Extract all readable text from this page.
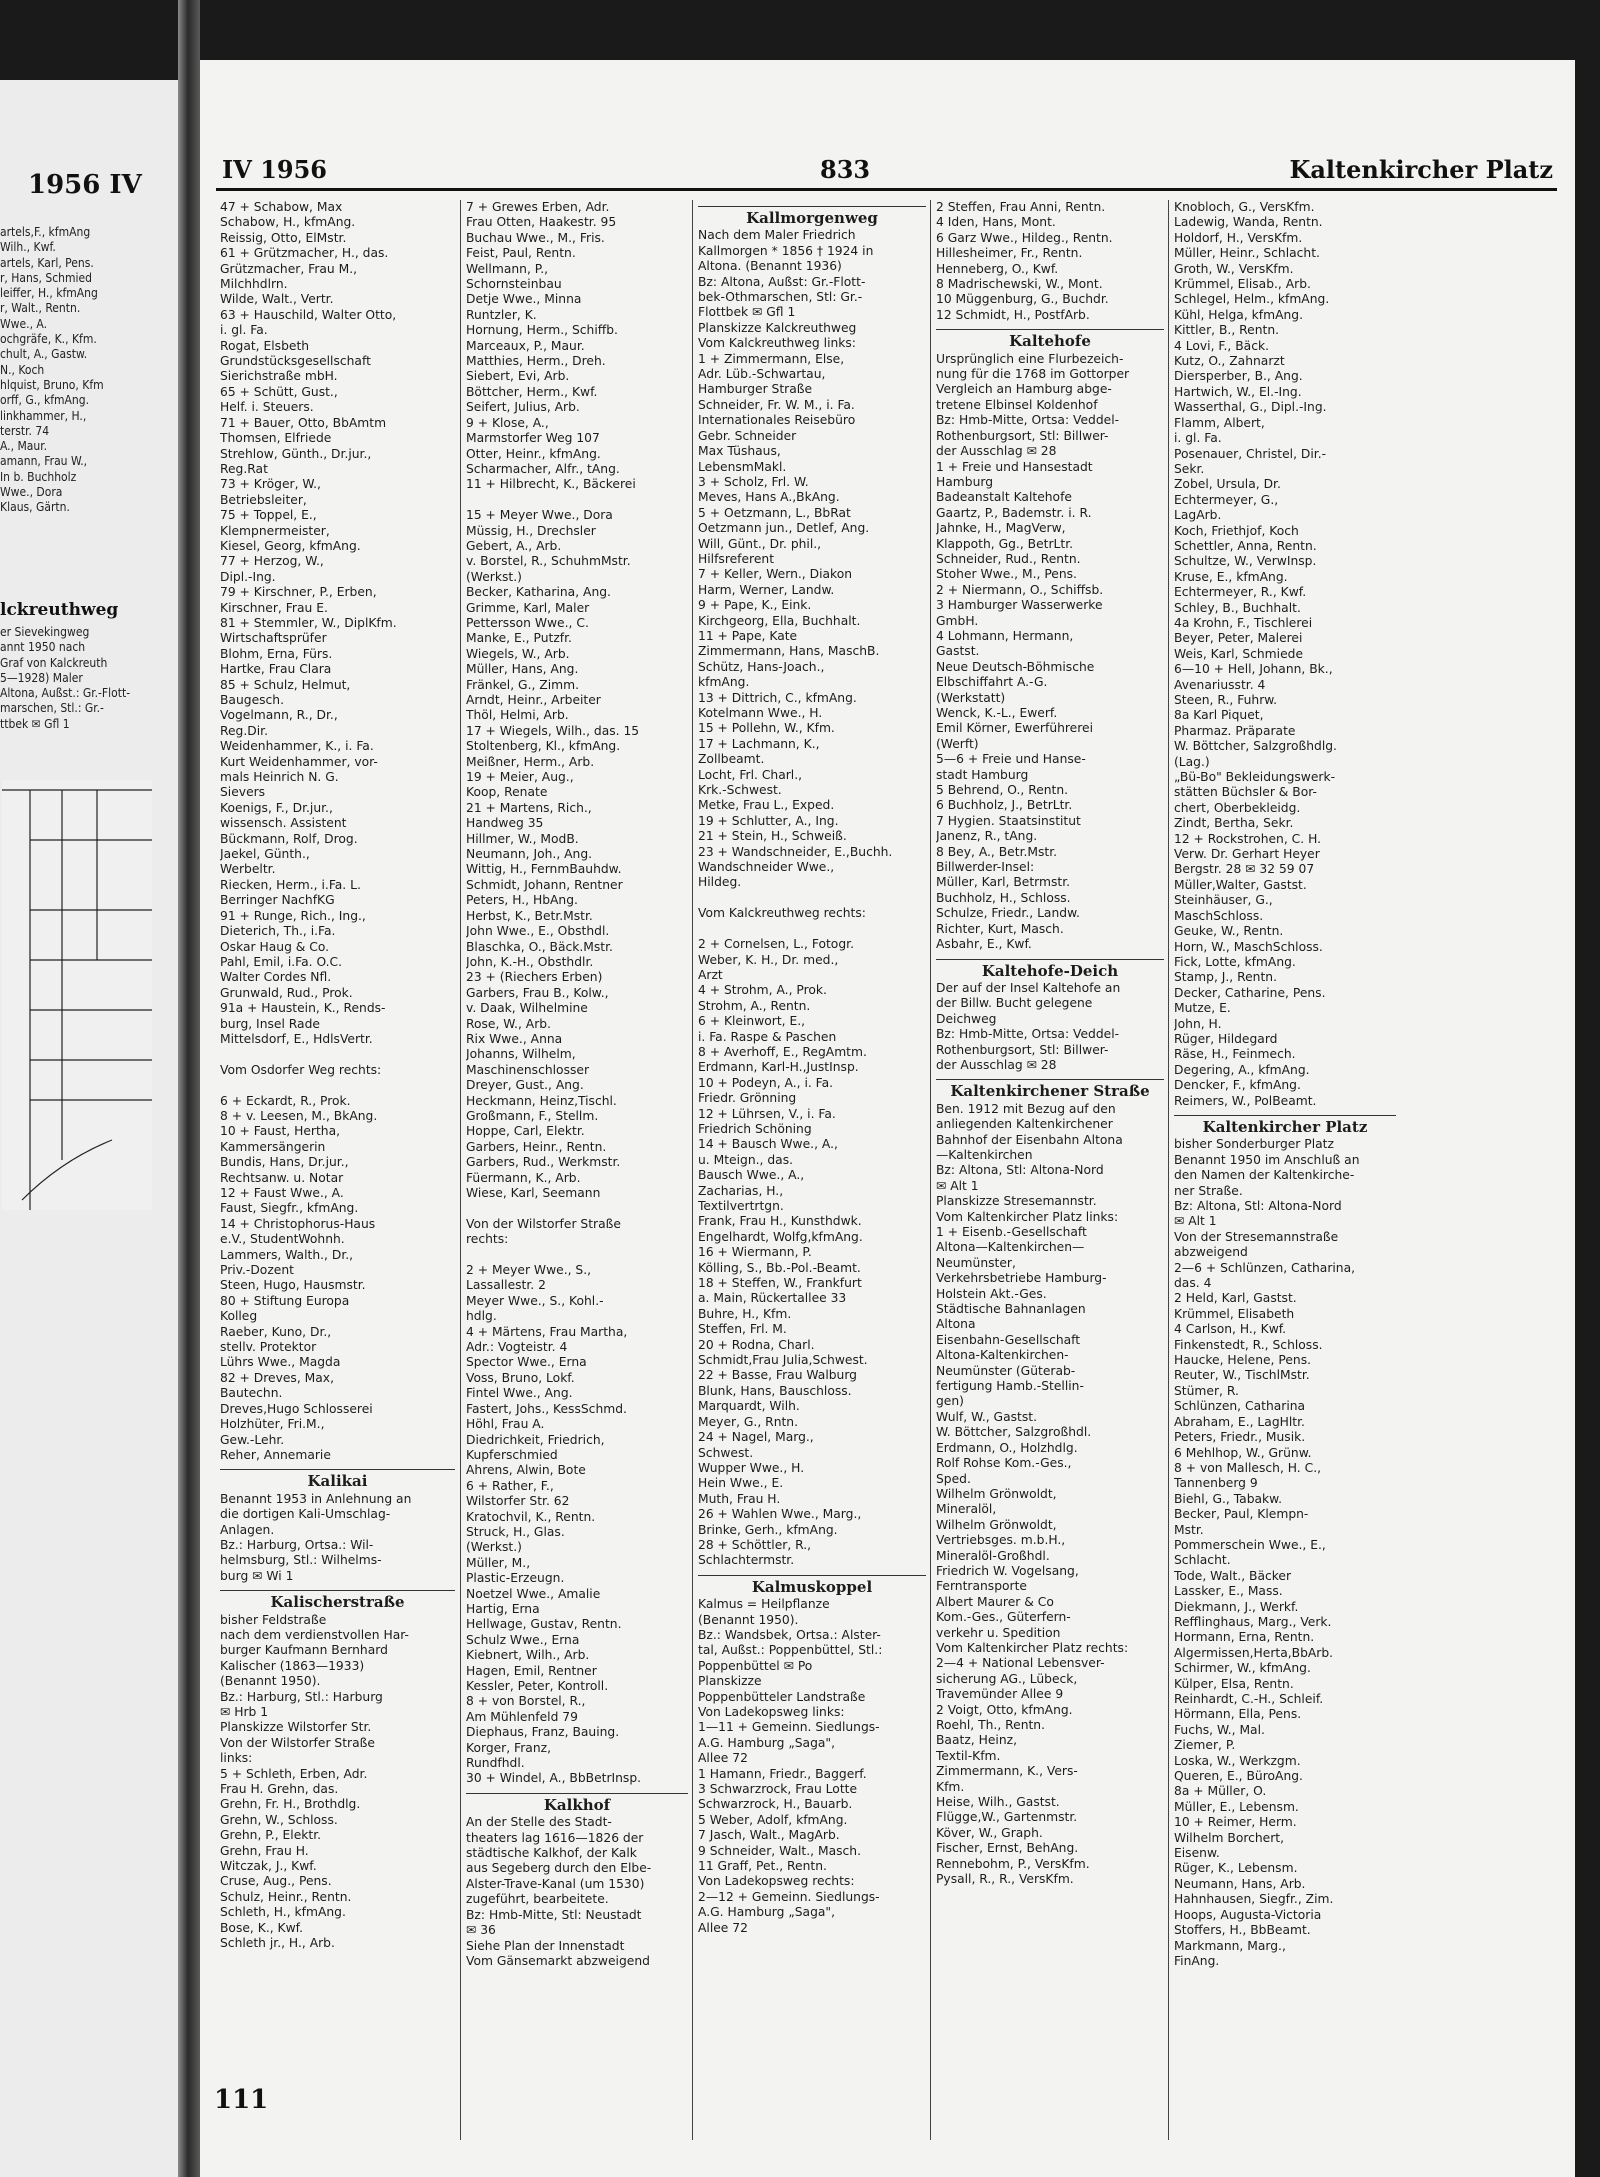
1956 IV
artels,F., kfmAng
Wilh., Kwf.
artels, Karl, Pens.
r, Hans, Schmied
leiffer, H., kfmAng
r, Walt., Rentn.
Wwe., A.
ochgräfe, K., Kfm.
chult, A., Gastw.
N., Koch
hlquist, Bruno, Kfm
orff, G., kfmAng.
linkhammer, H.,
terstr. 74
A., Maur.
amann, Frau W.,
In b. Buchholz
Wwe., Dora
Klaus, Gärtn.
lckreuthweg
er Sievekingweg
annt 1950 nach
Graf von Kalckreuth
5—1928) Maler
Altona, Außst.: Gr.-Flott-
marschen, Stl.: Gr.-
ttbek ✉ Gfl 1
IV 1956	833	Kaltenkircher Platz

47 + Schabow, Max

Schabow, H., kfmAng.

Reissig, Otto, ElMstr.

61 + Grützmacher, H., das.

Grützmacher, Frau M.,

Milchhdlrn.

Wilde, Walt., Vertr.

63 + Hauschild, Walter Otto,

i. gl. Fa.

Rogat, Elsbeth

Grundstücksgesellschaft

Sierichstraße mbH.

65 + Schütt, Gust.,

Helf. i. Steuers.

71 + Bauer, Otto, BbAmtm

Thomsen, Elfriede

Strehlow, Günth., Dr.jur.,

Reg.Rat

73 + Kröger, W.,

Betriebsleiter,

75 + Toppel, E.,

Klempnermeister,

Kiesel, Georg, kfmAng.

77 + Herzog, W.,

Dipl.-Ing.

79 + Kirschner, P., Erben,

Kirschner, Frau E.

81 + Stemmler, W., DiplKfm.

Wirtschaftsprüfer

Blohm, Erna, Fürs.

Hartke, Frau Clara

85 + Schulz, Helmut,

Baugesch.

Vogelmann, R., Dr.,

Reg.Dir.

Weidenhammer, K., i. Fa.

Kurt Weidenhammer, vor-

mals Heinrich N. G.

Sievers

Koenigs, F., Dr.jur.,

wissensch. Assistent

Bückmann, Rolf, Drog.

Jaekel, Günth.,

Werbeltr.

Riecken, Herm., i.Fa. L.

Berringer NachfKG

91 + Runge, Rich., Ing.,

Dieterich, Th., i.Fa.

Oskar Haug & Co.

Pahl, Emil, i.Fa. O.C.

Walter Cordes Nfl.

Grunwald, Rud., Prok.

91a + Haustein, K., Rends-

burg, Insel Rade

Mittelsdorf, E., HdlsVertr.

Vom Osdorfer Weg rechts:

6 + Eckardt, R., Prok.

8 + v. Leesen, M., BkAng.

10 + Faust, Hertha,

Kammersängerin

Bundis, Hans, Dr.jur.,

Rechtsanw. u. Notar

12 + Faust Wwe., A.

Faust, Siegfr., kfmAng.

14 + Christophorus-Haus

e.V., StudentWohnh.

Lammers, Walth., Dr.,

Priv.-Dozent

Steen, Hugo, Hausmstr.

80 + Stiftung Europa

Kolleg

Raeber, Kuno, Dr.,

stellv. Protektor

Lührs Wwe., Magda

82 + Dreves, Max,

Bautechn.

Dreves,Hugo Schlosserei

Holzhüter, Fri.M.,

Gew.-Lehr.

Reher, Annemarie

Kalikai

Benannt 1953 in Anlehnung an

die dortigen Kali-Umschlag-

Anlagen.

Bz.: Harburg, Ortsa.: Wil-

helmsburg, Stl.: Wilhelms-

burg ✉ Wi 1

Kalischerstraße

bisher Feldstraße

nach dem verdienstvollen Har-

burger Kaufmann Bernhard

Kalischer (1863—1933)

(Benannt 1950).

Bz.: Harburg, Stl.: Harburg

✉ Hrb 1

Planskizze Wilstorfer Str.

Von der Wilstorfer Straße

links:

5 + Schleth, Erben, Adr.

Frau H. Grehn, das.

Grehn, Fr. H., Brothdlg.

Grehn, W., Schloss.

Grehn, P., Elektr.

Grehn, Frau H.

Witczak, J., Kwf.

Cruse, Aug., Pens.

Schulz, Heinr., Rentn.

Schleth, H., kfmAng.

Bose, K., Kwf.

Schleth jr., H., Arb.

7 + Grewes Erben, Adr.

Frau Otten, Haakestr. 95

Buchau Wwe., M., Fris.

Feist, Paul, Rentn.

Wellmann, P.,

Schornsteinbau

Detje Wwe., Minna

Runtzler, K.

Hornung, Herm., Schiffb.

Marceaux, P., Maur.

Matthies, Herm., Dreh.

Siebert, Evi, Arb.

Böttcher, Herm., Kwf.

Seifert, Julius, Arb.

9 + Klose, A.,

Marmstorfer Weg 107

Otter, Heinr., kfmAng.

Scharmacher, Alfr., tAng.

11 + Hilbrecht, K., Bäckerei

15 + Meyer Wwe., Dora

Müssig, H., Drechsler

Gebert, A., Arb.

v. Borstel, R., SchuhmMstr.

(Werkst.)

Becker, Katharina, Ang.

Grimme, Karl, Maler

Pettersson Wwe., C.

Manke, E., Putzfr.

Wiegels, W., Arb.

Müller, Hans, Ang.

Fränkel, G., Zimm.

Arndt, Heinr., Arbeiter

Thöl, Helmi, Arb.

17 + Wiegels, Wilh., das. 15

Stoltenberg, Kl., kfmAng.

Meißner, Herm., Arb.

19 + Meier, Aug.,

Koop, Renate

21 + Martens, Rich.,

Handweg 35

Hillmer, W., ModB.

Neumann, Joh., Ang.

Wittig, H., FernmBauhdw.

Schmidt, Johann, Rentner

Peters, H., HbAng.

Herbst, K., Betr.Mstr.

John Wwe., E., Obsthdl.

Blaschka, O., Bäck.Mstr.

John, K.-H., Obsthdlr.

23 + (Riechers Erben)

Garbers, Frau B., Kolw.,

v. Daak, Wilhelmine

Rose, W., Arb.

Rix Wwe., Anna

Johanns, Wilhelm,

Maschinenschlosser

Dreyer, Gust., Ang.

Heckmann, Heinz,Tischl.

Großmann, F., Stellm.

Hoppe, Carl, Elektr.

Garbers, Heinr., Rentn.

Garbers, Rud., Werkmstr.

Füermann, K., Arb.

Wiese, Karl, Seemann

Von der Wilstorfer Straße

rechts:

2 + Meyer Wwe., S.,

Lassallestr. 2

Meyer Wwe., S., Kohl.-

hdlg.

4 + Märtens, Frau Martha,

Adr.: Vogteistr. 4

Spector Wwe., Erna

Voss, Bruno, Lokf.

Fintel Wwe., Ang.

Fastert, Johs., KessSchmd.

Höhl, Frau A.

Diedrichkeit, Friedrich,

Kupferschmied

Ahrens, Alwin, Bote

6 + Rather, F.,

Wilstorfer Str. 62

Kratochvil, K., Rentn.

Struck, H., Glas.

(Werkst.)

Müller, M.,

Plastic-Erzeugn.

Noetzel Wwe., Amalie

Hartig, Erna

Hellwage, Gustav, Rentn.

Schulz Wwe., Erna

Kiebnert, Wilh., Arb.

Hagen, Emil, Rentner

Kessler, Peter, Kontroll.

8 + von Borstel, R.,

Am Mühlenfeld 79

Diephaus, Franz, Bauing.

Korger, Franz,

Rundfhdl.

30 + Windel, A., BbBetrInsp.

Kalkhof

An der Stelle des Stadt-

theaters lag 1616—1826 der

städtische Kalkhof, der Kalk

aus Segeberg durch den Elbe-

Alster-Trave-Kanal (um 1530)

zugeführt, bearbeitete.

Bz: Hmb-Mitte, Stl: Neustadt

✉ 36

Siehe Plan der Innenstadt

Vom Gänsemarkt abzweigend

Kallmorgenweg

Nach dem Maler Friedrich

Kallmorgen * 1856 † 1924 in

Altona. (Benannt 1936)

Bz: Altona, Außst: Gr.-Flott-

bek-Othmarschen, Stl: Gr.-

Flottbek ✉ Gfl 1

Planskizze Kalckreuthweg

Vom Kalckreuthweg links:

1 + Zimmermann, Else,

Adr. Lüb.-Schwartau,

Hamburger Straße

Schneider, Fr. W. M., i. Fa.

Internationales Reisebüro

Gebr. Schneider

Max Tüshaus,

LebensmMakl.

3 + Scholz, Frl. W.

Meves, Hans A.,BkAng.

5 + Oetzmann, L., BbRat

Oetzmann jun., Detlef, Ang.

Will, Günt., Dr. phil.,

Hilfsreferent

7 + Keller, Wern., Diakon

Harm, Werner, Landw.

9 + Pape, K., Eink.

Kirchgeorg, Ella, Buchhalt.

11 + Pape, Kate

Zimmermann, Hans, MaschB.

Schütz, Hans-Joach.,

kfmAng.

13 + Dittrich, C., kfmAng.

Kotelmann Wwe., H.

15 + Pollehn, W., Kfm.

17 + Lachmann, K.,

Zollbeamt.

Locht, Frl. Charl.,

Krk.-Schwest.

Metke, Frau L., Exped.

19 + Schlutter, A., Ing.

21 + Stein, H., Schweiß.

23 + Wandschneider, E.,Buchh.

Wandschneider Wwe.,

Hildeg.

Vom Kalckreuthweg rechts:

2 + Cornelsen, L., Fotogr.

Weber, K. H., Dr. med.,

Arzt

4 + Strohm, A., Prok.

Strohm, A., Rentn.

6 + Kleinwort, E.,

i. Fa. Raspe & Paschen

8 + Averhoff, E., RegAmtm.

Erdmann, Karl-H.,JustInsp.

10 + Podeyn, A., i. Fa.

Friedr. Grönning

12 + Lührsen, V., i. Fa.

Friedrich Schöning

14 + Bausch Wwe., A.,

u. Mteign., das.

Bausch Wwe., A.,

Zacharias, H.,

Textilvertrtgn.

Frank, Frau H., Kunsthdwk.

Engelhardt, Wolfg,kfmAng.

16 + Wiermann, P.

Kölling, S., Bb.-Pol.-Beamt.

18 + Steffen, W., Frankfurt

a. Main, Rückertallee 33

Buhre, H., Kfm.

Steffen, Frl. M.

20 + Rodna, Charl.

Schmidt,Frau Julia,Schwest.

22 + Basse, Frau Walburg

Blunk, Hans, Bauschloss.

Marquardt, Wilh.

Meyer, G., Rntn.

24 + Nagel, Marg.,

Schwest.

Wupper Wwe., H.

Hein Wwe., E.

Muth, Frau H.

26 + Wahlen Wwe., Marg.,

Brinke, Gerh., kfmAng.

28 + Schöttler, R.,

Schlachtermstr.

Kalmuskoppel

Kalmus = Heilpflanze

(Benannt 1950).

Bz.: Wandsbek, Ortsa.: Alster-

tal, Außst.: Poppenbüttel, Stl.:

Poppenbüttel ✉ Po

Planskizze

Poppenbütteler Landstraße

Von Ladekopsweg links:

1—11 + Gemeinn. Siedlungs-

A.G. Hamburg „Saga",

Allee 72

1 Hamann, Friedr., Baggerf.

3 Schwarzrock, Frau Lotte

Schwarzrock, H., Bauarb.

5 Weber, Adolf, kfmAng.

7 Jasch, Walt., MagArb.

9 Schneider, Walt., Masch.

11 Graff, Pet., Rentn.

Von Ladekopsweg rechts:

2—12 + Gemeinn. Siedlungs-

A.G. Hamburg „Saga",

Allee 72

2 Steffen, Frau Anni, Rentn.

4 Iden, Hans, Mont.

6 Garz Wwe., Hildeg., Rentn.

Hillesheimer, Fr., Rentn.

Henneberg, O., Kwf.

8 Madrischewski, W., Mont.

10 Müggenburg, G., Buchdr.

12 Schmidt, H., PostfArb.

Kaltehofe

Ursprünglich eine Flurbezeich-

nung für die 1768 im Gottorper

Vergleich an Hamburg abge-

tretene Elbinsel Koldenhof

Bz: Hmb-Mitte, Ortsa: Veddel-

Rothenburgsort, Stl: Billwer-

der Ausschlag ✉ 28

1 + Freie und Hansestadt

Hamburg

Badeanstalt Kaltehofe

Gaartz, P., Bademstr. i. R.

Jahnke, H., MagVerw,

Klappoth, Gg., BetrLtr.

Schneider, Rud., Rentn.

Stoher Wwe., M., Pens.

2 + Niermann, O., Schiffsb.

3 Hamburger Wasserwerke

GmbH.

4 Lohmann, Hermann,

Gastst.

Neue Deutsch-Böhmische

Elbschiffahrt A.-G.

(Werkstatt)

Wenck, K.-L., Ewerf.

Emil Körner, Ewerführerei

(Werft)

5—6 + Freie und Hanse-

stadt Hamburg

5 Behrend, O., Rentn.

6 Buchholz, J., BetrLtr.

7 Hygien. Staatsinstitut

Janenz, R., tAng.

8 Bey, A., Betr.Mstr.

Billwerder-Insel:

Müller, Karl, Betrmstr.

Buchholz, H., Schloss.

Schulze, Friedr., Landw.

Richter, Kurt, Masch.

Asbahr, E., Kwf.

Kaltehofe-Deich

Der auf der Insel Kaltehofe an

der Billw. Bucht gelegene

Deichweg

Bz: Hmb-Mitte, Ortsa: Veddel-

Rothenburgsort, Stl: Billwer-

der Ausschlag ✉ 28

Kaltenkirchener Straße

Ben. 1912 mit Bezug auf den

anliegenden Kaltenkirchener

Bahnhof der Eisenbahn Altona

—Kaltenkirchen

Bz: Altona, Stl: Altona-Nord

✉ Alt 1

Planskizze Stresemannstr.

Vom Kaltenkircher Platz links:

1 + Eisenb.-Gesellschaft

Altona—Kaltenkirchen—

Neumünster,

Verkehrsbetriebe Hamburg-

Holstein Akt.-Ges.

Städtische Bahnanlagen

Altona

Eisenbahn-Gesellschaft

Altona-Kaltenkirchen-

Neumünster (Güterab-

fertigung Hamb.-Stellin-

gen)

Wulf, W., Gastst.

W. Böttcher, Salzgroßhdl.

Erdmann, O., Holzhdlg.

Rolf Rohse Kom.-Ges.,

Sped.

Wilhelm Grönwoldt,

Mineralöl,

Wilhelm Grönwoldt,

Vertriebsges. m.b.H.,

Mineralöl-Großhdl.

Friedrich W. Vogelsang,

Ferntransporte

Albert Maurer & Co

Kom.-Ges., Güterfern-

verkehr u. Spedition

Vom Kaltenkircher Platz rechts:

2—4 + National Lebensver-

sicherung AG., Lübeck,

Travemünder Allee 9

2 Voigt, Otto, kfmAng.

Roehl, Th., Rentn.

Baatz, Heinz,

Textil-Kfm.

Zimmermann, K., Vers-

Kfm.

Heise, Wilh., Gastst.

Flügge,W., Gartenmstr.

Köver, W., Graph.

Fischer, Ernst, BehAng.

Rennebohm, P., VersKfm.

Pysall, R., R., VersKfm.

Knobloch, G., VersKfm.

Ladewig, Wanda, Rentn.

Holdorf, H., VersKfm.

Müller, Heinr., Schlacht.

Groth, W., VersKfm.

Krümmel, Elisab., Arb.

Schlegel, Helm., kfmAng.

Kühl, Helga, kfmAng.

Kittler, B., Rentn.

4 Lovi, F., Bäck.

Kutz, O., Zahnarzt

Diersperber, B., Ang.

Hartwich, W., El.-Ing.

Wasserthal, G., Dipl.-Ing.

Flamm, Albert,

i. gl. Fa.

Posenauer, Christel, Dir.-

Sekr.

Zobel, Ursula, Dr.

Echtermeyer, G.,

LagArb.

Koch, Friethjof, Koch

Schettler, Anna, Rentn.

Schultze, W., VerwInsp.

Kruse, E., kfmAng.

Echtermeyer, R., Kwf.

Schley, B., Buchhalt.

4a Krohn, F., Tischlerei

Beyer, Peter, Malerei

Weis, Karl, Schmiede

6—10 + Hell, Johann, Bk.,

Avenariusstr. 4

Steen, R., Fuhrw.

8a Karl Piquet,

Pharmaz. Präparate

W. Böttcher, Salzgroßhdlg.

(Lag.)

„Bü-Bo" Bekleidungswerk-

stätten Büchsler & Bor-

chert, Oberbekleidg.

Zindt, Bertha, Sekr.

12 + Rockstrohen, C. H.

Verw. Dr. Gerhart Heyer

Bergstr. 28 ✉ 32 59 07

Müller,Walter, Gastst.

Steinhäuser, G.,

MaschSchloss.

Geuke, W., Rentn.

Horn, W., MaschSchloss.

Fick, Lotte, kfmAng.

Stamp, J., Rentn.

Decker, Catharine, Pens.

Mutze, E.

John, H.

Rüger, Hildegard

Räse, H., Feinmech.

Degering, A., kfmAng.

Dencker, F., kfmAng.

Reimers, W., PolBeamt.

Kaltenkircher Platz

bisher Sonderburger Platz

Benannt 1950 im Anschluß an

den Namen der Kaltenkirche-

ner Straße.

Bz: Altona, Stl: Altona-Nord

✉ Alt 1

Von der Stresemannstraße

abzweigend

2—6 + Schlünzen, Catharina,

das. 4

2 Held, Karl, Gastst.

Krümmel, Elisabeth

4 Carlson, H., Kwf.

Finkenstedt, R., Schloss.

Haucke, Helene, Pens.

Reuter, W., TischlMstr.

Stümer, R.

Schlünzen, Catharina

Abraham, E., LagHltr.

Peters, Friedr., Musik.

6 Mehlhop, W., Grünw.

8 + von Mallesch, H. C.,

Tannenberg 9

Biehl, G., Tabakw.

Becker, Paul, Klempn-

Mstr.

Pommerschein Wwe., E.,

Schlacht.

Tode, Walt., Bäcker

Lassker, E., Mass.

Diekmann, J., Werkf.

Refflinghaus, Marg., Verk.

Hormann, Erna, Rentn.

Algermissen,Herta,BbArb.

Schirmer, W., kfmAng.

Külper, Elsa, Rentn.

Reinhardt, C.-H., Schleif.

Hörmann, Ella, Pens.

Fuchs, W., Mal.

Ziemer, P.

Loska, W., Werkzgm.

Queren, E., BüroAng.

8a + Müller, O.

Müller, E., Lebensm.

10 + Reimer, Herm.

Wilhelm Borchert,

Eisenw.

Rüger, K., Lebensm.

Neumann, Hans, Arb.

Hahnhausen, Siegfr., Zim.

Hoops, Augusta-Victoria

Stoffers, H., BbBeamt.

Markmann, Marg.,

FinAng.

111
